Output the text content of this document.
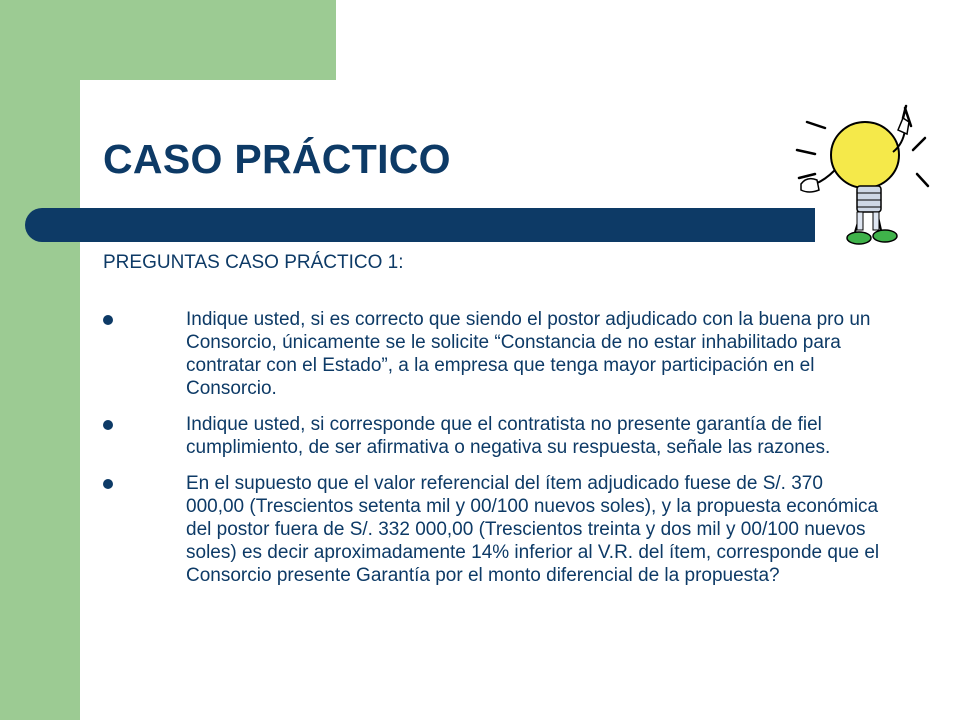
CASO PRÁCTICO
PREGUNTAS CASO PRÁCTICO 1:
Indique usted, si es correcto que siendo el postor adjudicado con la buena pro un Consorcio, únicamente se le solicite “Constancia de no estar inhabilitado para contratar con el Estado”, a la empresa que tenga mayor participación en el Consorcio.
Indique usted, si corresponde que el contratista no presente garantía de fiel cumplimiento, de ser afirmativa o negativa su respuesta, señale las razones.
En el supuesto que el valor referencial del ítem adjudicado fuese de S/. 370 000,00 (Trescientos setenta mil y 00/100 nuevos soles), y la propuesta económica del postor fuera de S/. 332 000,00 (Trescientos treinta y dos mil y 00/100 nuevos soles) es decir aproximadamente 14% inferior al V.R. del ítem, corresponde que el Consorcio presente Garantía por el monto diferencial de la propuesta?
